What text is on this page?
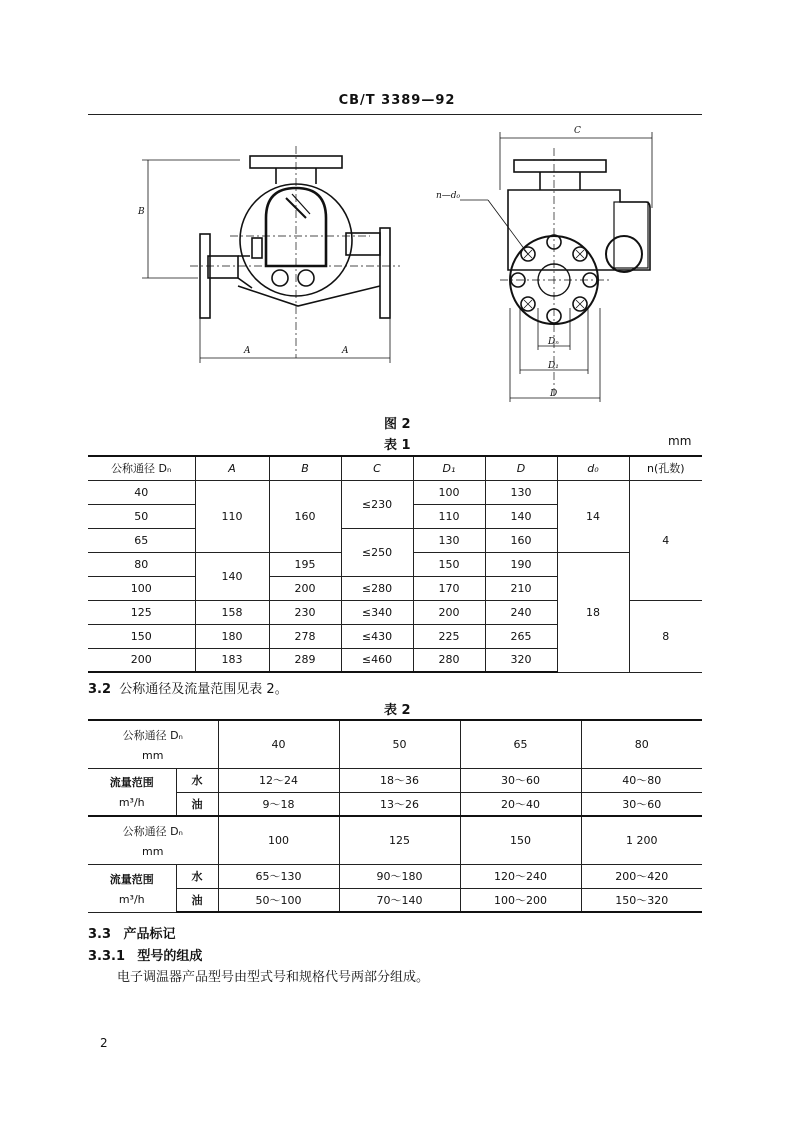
CB/T 3389—92
B
A	A
C
n—d₀
Dₙ
D₁
D
图 2
表 1	mm
公称通径 Dₙ	A	B	C	D₁	D	d₀	n(孔数)
40	110	160	≤230	100	130	14	4
50				110	140		
65			≤250	130	160		
80	140	195		150	190	18	
100		200	≤280	170	210		
125	158	230	≤340	200	240		8
150	180	278	≤430	225	265		
200	183	289	≤460	280	320		
3.2 公称通径及流量范围见表 2。
表 2
公称通径 Dₙ
mm		40	50	65	80

流量范围
m³/h	水	12～24	18～36	30～60	40～80
	油	9～18	13～26	20～40	30～60

公称通径 Dₙ
mm		100	125	150	1 200

流量范围
m³/h	水	65～130	90～180	120～240	200～420
	油	50～100	70～140	100～200	150～320
3.3 产品标记
3.3.1 型号的组成
电子调温器产品型号由型式号和规格代号两部分组成。
2
